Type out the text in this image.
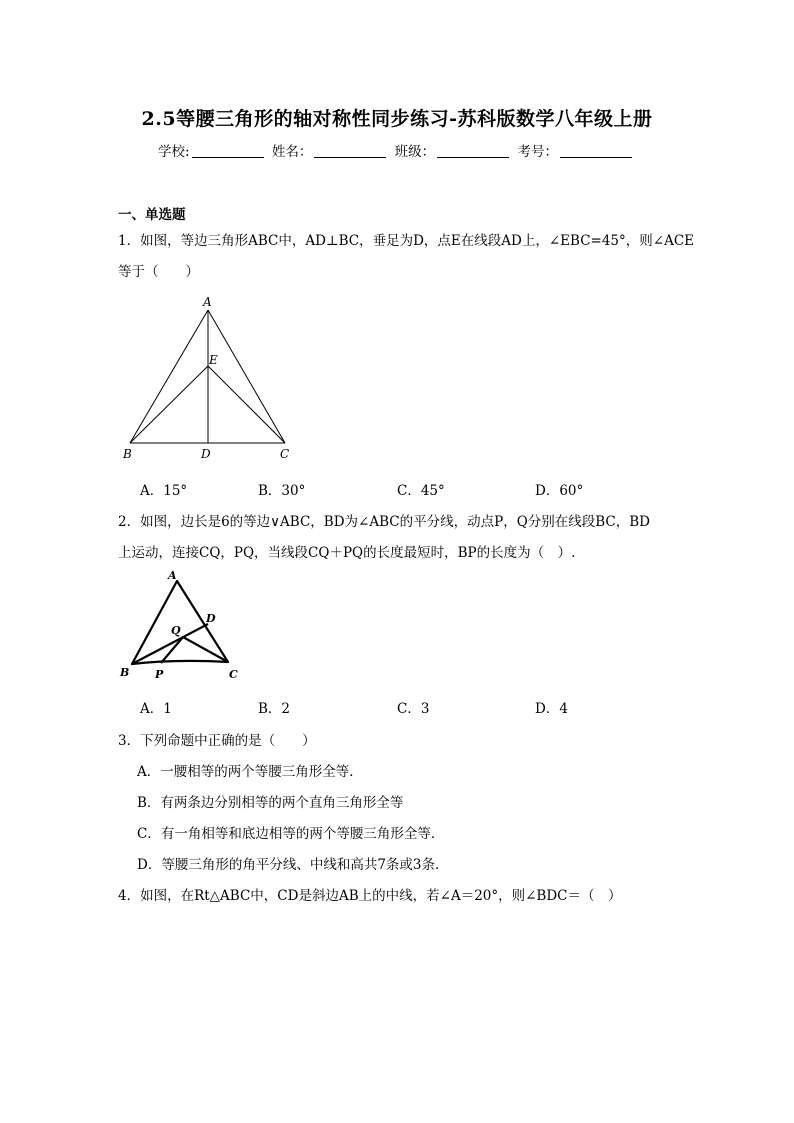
2.5等腰三角形的轴对称性同步练习-苏科版数学八年级上册
学校:	姓名：	班级：	考号：
一、单选题
1．如图，等边三角形ABC中，AD⊥BC，垂足为D，点E在线段AD上，∠EBC=45°，则∠ACE
等于（　　）
A
E
B	D	C
A．15°	B．30°	C．45°	D．60°
2．如图，边长是6的等边∨ABC，BD为∠ABC的平分线，动点P，Q分别在线段BC，BD
上运动，连接CQ，PQ，当线段CQ＋PQ的长度最短时，BP的长度为（　）.
A
D
Q
B P	C
A．1	B．2	C．3	D．4
3．下列命题中正确的是（　　）
A．一腰相等的两个等腰三角形全等．
B．有两条边分别相等的两个直角三角形全等
C．有一角相等和底边相等的两个等腰三角形全等．
D．等腰三角形的角平分线、中线和高共7条或3条．
4．如图，在Rt△ABC中，CD是斜边AB上的中线，若∠A＝20°，则∠BDC＝（　）
